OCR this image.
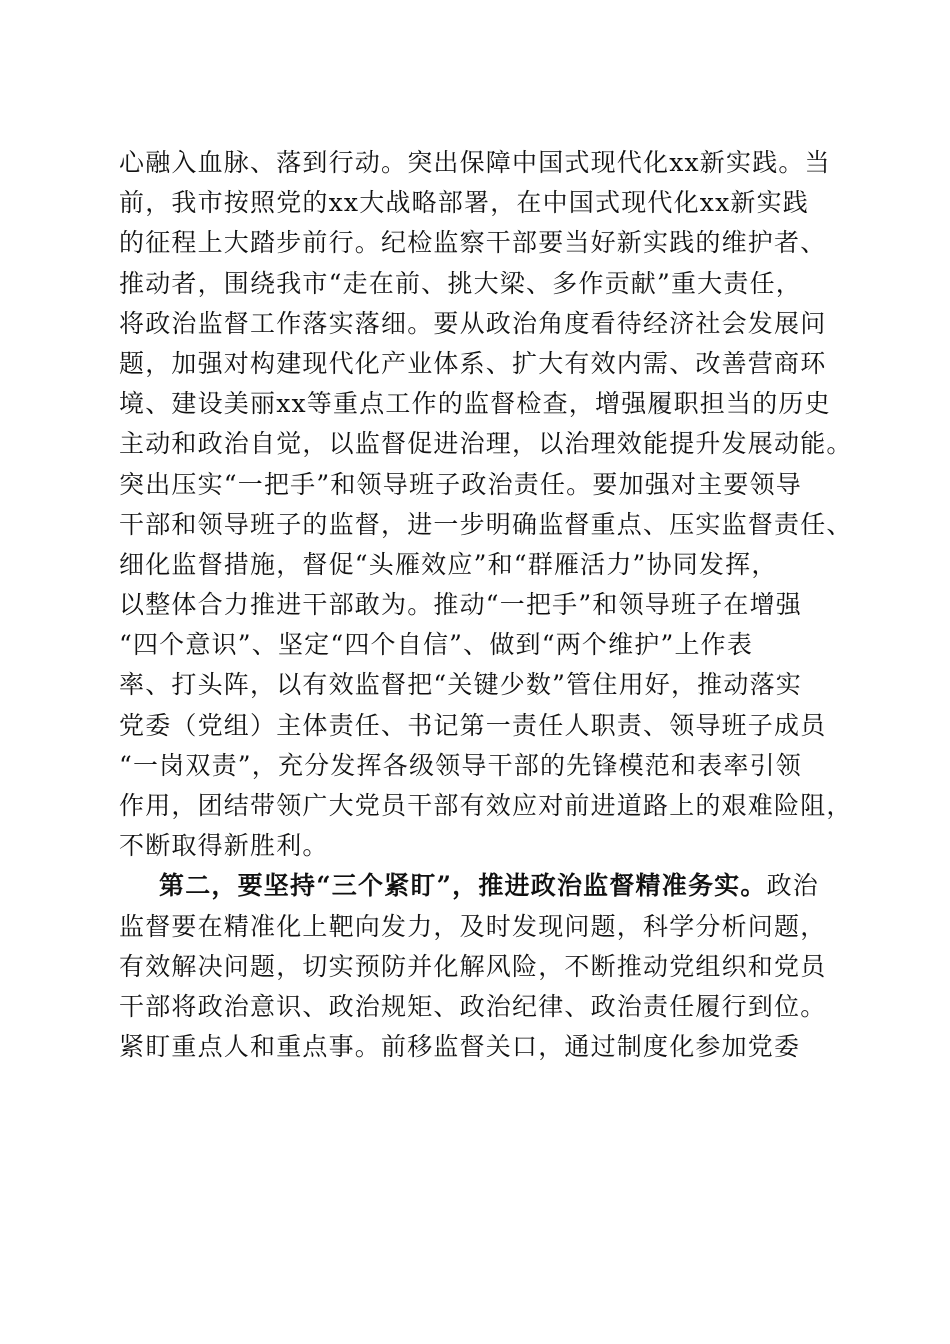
心融入血脉、落到行动。突出保障中国式现代化xx新实践。当
前，我市按照党的xx大战略部署，在中国式现代化xx新实践
的征程上大踏步前行。纪检监察干部要当好新实践的维护者、
推动者，围绕我市“走在前、挑大梁、多作贡献”重大责任，
将政治监督工作落实落细。要从政治角度看待经济社会发展问
题，加强对构建现代化产业体系、扩大有效内需、改善营商环
境、建设美丽xx等重点工作的监督检查，增强履职担当的历史
主动和政治自觉，以监督促进治理，以治理效能提升发展动能。
突出压实“一把手”和领导班子政治责任。要加强对主要领导
干部和领导班子的监督，进一步明确监督重点、压实监督责任、
细化监督措施，督促“头雁效应”和“群雁活力”协同发挥，
以整体合力推进干部敢为。推动“一把手”和领导班子在增强
“四个意识”、坚定“四个自信”、做到“两个维护”上作表
率、打头阵，以有效监督把“关键少数”管住用好，推动落实
党委（党组）主体责任、书记第一责任人职责、领导班子成员
“一岗双责”，充分发挥各级领导干部的先锋模范和表率引领
作用，团结带领广大党员干部有效应对前进道路上的艰难险阻，
不断取得新胜利。
第二，要坚持“三个紧盯”，推进政治监督精准务实。政治
监督要在精准化上靶向发力，及时发现问题，科学分析问题，
有效解决问题，切实预防并化解风险，不断推动党组织和党员
干部将政治意识、政治规矩、政治纪律、政治责任履行到位。
紧盯重点人和重点事。前移监督关口，通过制度化参加党委
